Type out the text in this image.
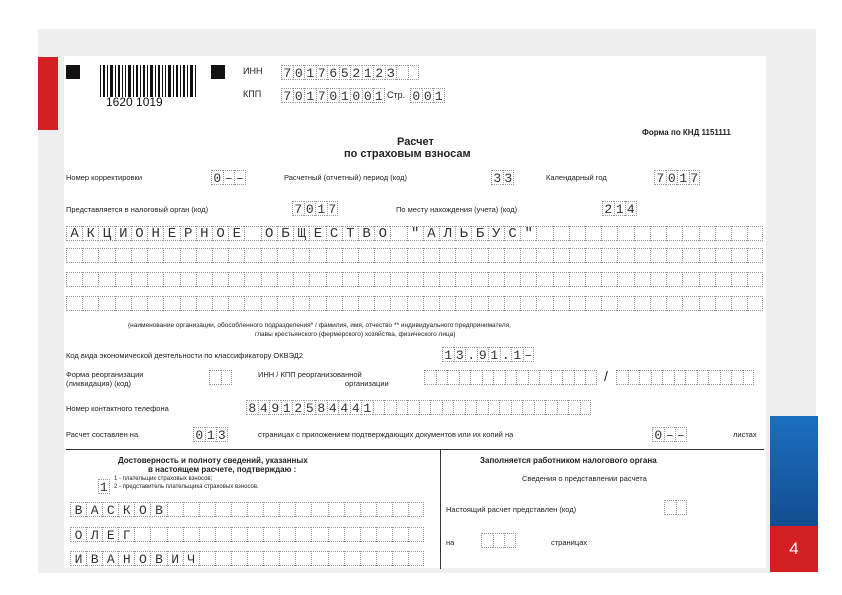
4
1620 1019
ИНН 7 0 1 7 6 5 2 1 2 З
КПП 7 0 1 7 0 1 0 0 1 Стр. 0 0 1
Форма по КНД 1151111
Расчет
по страховым взносам
Номер корректировки	0 – –	Расчетный (отчетный) период (код)	3 3	Календарный год	7 0 1 7
Представляется в налоговый орган (код)	7 0 1 7	По месту нахождения (учета) (код)	2 1 4
А К Ц И О Н Е Р Н О Е	О Б Щ Е С Т В О	" А Л Ь Б У С "
(наименование организации, обособленного подразделения* / фамилия, имя, отчество ** индивидуального предпринимателя,
главы крестьянского (фермерского) хозяйства, физического лица)
Код вида экономической деятельности по классификатору ОКВЭД2	1 3 . 9 1 . 1 –
Форма реорганизации
(ликвидация) (код)
ИНН / КПП реорганизованной
организации	/
Номер контактного телефона	8 4 9 1 2 5 8 4 4 4 1
Расчет составлен на	0 1 3	страницах с приложением подтверждающих документов или их копий на	0 – –	листах
Достоверность и полноту сведений, указанных
в настоящем расчете, подтверждаю :
1
1 - плательщик страховых взносов;
2 - представитель плательщика страховых взносов.
В А С К О В
О Л Е Г
И В А Н О В И Ч
Заполняется работником налогового органа
Сведения о представлении расчета
Настоящий расчет представлен (код)
на	страницах
